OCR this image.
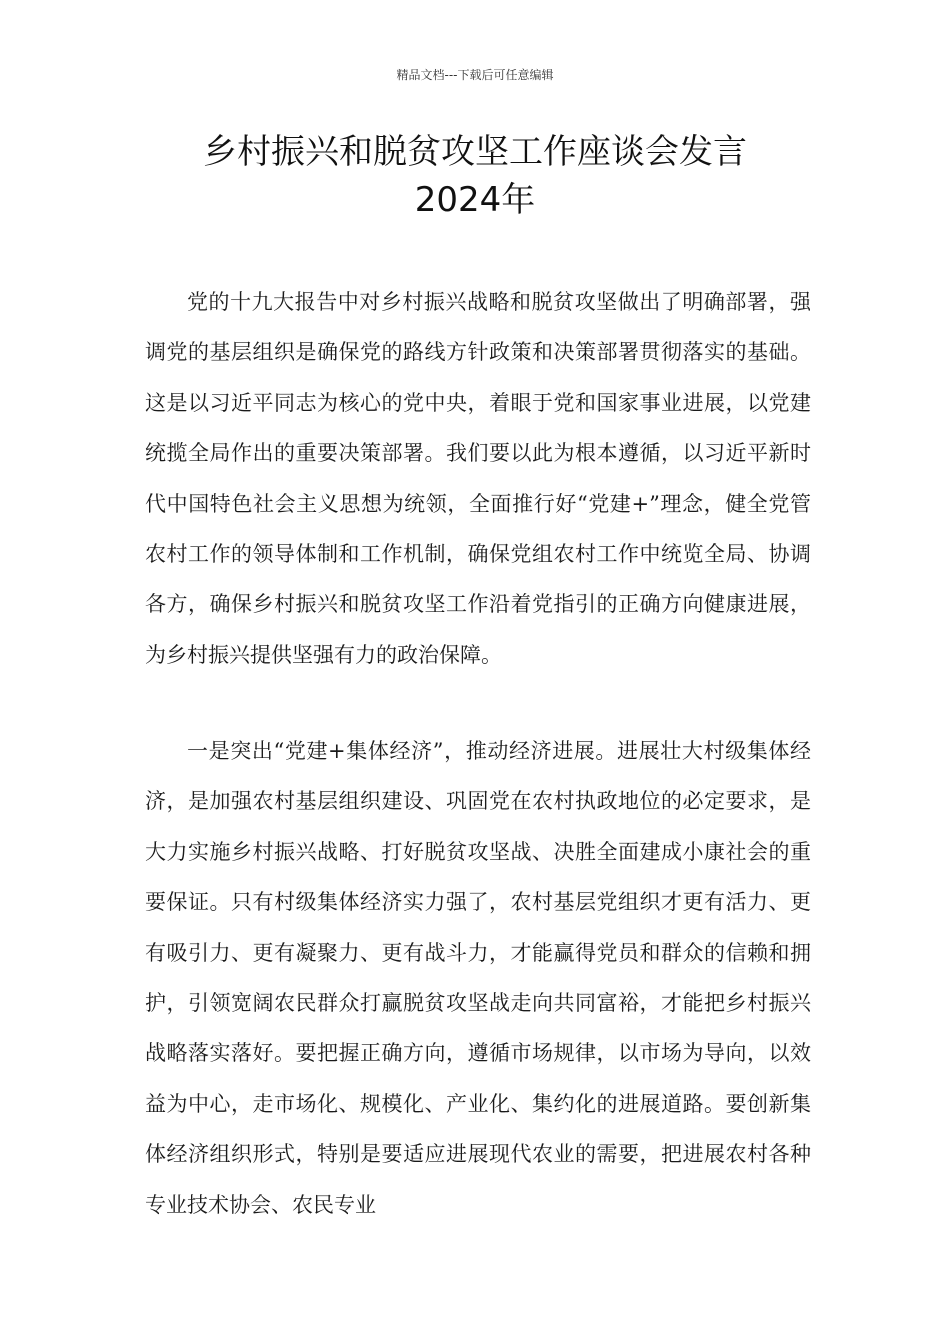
精品文档---下载后可任意编辑
乡村振兴和脱贫攻坚工作座谈会发言
2024年

党的十九大报告中对乡村振兴战略和脱贫攻坚做出了明确部署，强调党的基层组织是确保党的路线方针政策和决策部署贯彻落实的基础。这是以习近平同志为核心的党中央，着眼于党和国家事业进展，以党建统揽全局作出的重要决策部署。我们要以此为根本遵循，以习近平新时代中国特色社会主义思想为统领，全面推行好“党建+”理念，健全党管农村工作的领导体制和工作机制，确保党组农村工作中统览全局、协调各方，确保乡村振兴和脱贫攻坚工作沿着党指引的正确方向健康进展，为乡村振兴提供坚强有力的政治保障。

一是突出“党建+集体经济”，推动经济进展。进展壮大村级集体经济，是加强农村基层组织建设、巩固党在农村执政地位的必定要求，是大力实施乡村振兴战略、打好脱贫攻坚战、决胜全面建成小康社会的重要保证。只有村级集体经济实力强了，农村基层党组织才更有活力、更有吸引力、更有凝聚力、更有战斗力，才能赢得党员和群众的信赖和拥护，引领宽阔农民群众打赢脱贫攻坚战走向共同富裕，才能把乡村振兴战略落实落好。要把握正确方向，遵循市场规律，以市场为导向，以效益为中心，走市场化、规模化、产业化、集约化的进展道路。要创新集体经济组织形式，特别是要适应进展现代农业的需要，把进展农村各种专业技术协会、农民专业
